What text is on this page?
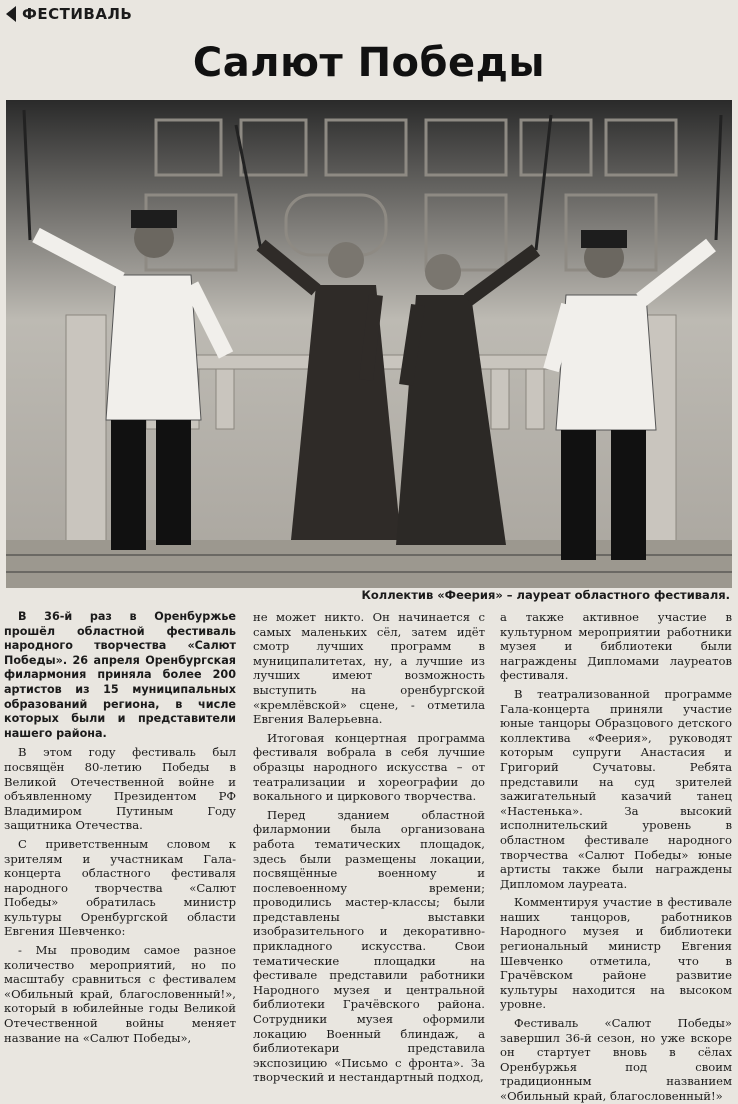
ФЕСТИВАЛЬ
Салют Победы
Коллектив «Феерия» – лауреат областного фестиваля.

В 36-й раз в Оренбуржье прошёл областной фестиваль народного творчества «Салют Победы». 26 апреля Оренбургская филармония приняла более 200 артистов из 15 муниципальных образований региона, в числе которых были и представители нашего района.

В этом году фестиваль был посвящён 80-летию Победы в Великой Отечественной войне и объявленному Президентом РФ Владимиром Путиным Году защитника Отечества.

С приветственным словом к зрителям и участникам Гала-концерта областного фестиваля народного творчества «Салют Победы» обратилась министр культуры Оренбургской области Евгения Шевченко:

- Мы проводим самое разное количество мероприятий, но по масштабу сравниться с фестивалем «Обильный край, благословенный!», который в юбилейные годы Великой Отечественной войны меняет название на «Салют Победы»,

не может никто. Он начинается с самых маленьких сёл, затем идёт смотр лучших программ в муниципалитетах, ну, а лучшие из лучших имеют возможность выступить на оренбургской «кремлёвской» сцене, - отметила Евгения Валерьевна.

Итоговая концертная программа фестиваля вобрала в себя лучшие образцы народного искусства – от театрализации и хореографии до вокального и циркового творчества.

Перед зданием областной филармонии была организована работа тематических площадок, здесь были размещены локации, посвящённые военному и послевоенному времени; проводились мастер-классы; были представлены выставки изобразительного и декоративно-прикладного искусства. Свои тематические площадки на фестивале представили работники Народного музея и центральной библиотеки Грачёвского района. Сотрудники музея оформили локацию Военный блиндаж, а библиотекари представила экспозицию «Письмо с фронта». За творческий и нестандартный подход,

а также активное участие в культурном мероприятии работники музея и библиотеки были награждены Дипломами лауреатов фестиваля.

В театрализованной программе Гала-концерта приняли участие юные танцоры Образцового детского коллектива «Феерия», руководят которым супруги Анастасия и Григорий Сучатовы. Ребята представили на суд зрителей зажигательный казачий танец «Настенька». За высокий исполнительский уровень в областном фестивале народного творчества «Салют Победы» юные артисты также были награждены Дипломом лауреата.

Комментируя участие в фестивале наших танцоров, работников Народного музея и библиотеки региональный министр Евгения Шевченко отметила, что в Грачёвском районе развитие культуры находится на высоком уровне.

Фестиваль «Салют Победы» завершил 36-й сезон, но уже вскоре он стартует вновь в сёлах Оренбуржья под своим традиционным названием «Обильный край, благословенный!»
